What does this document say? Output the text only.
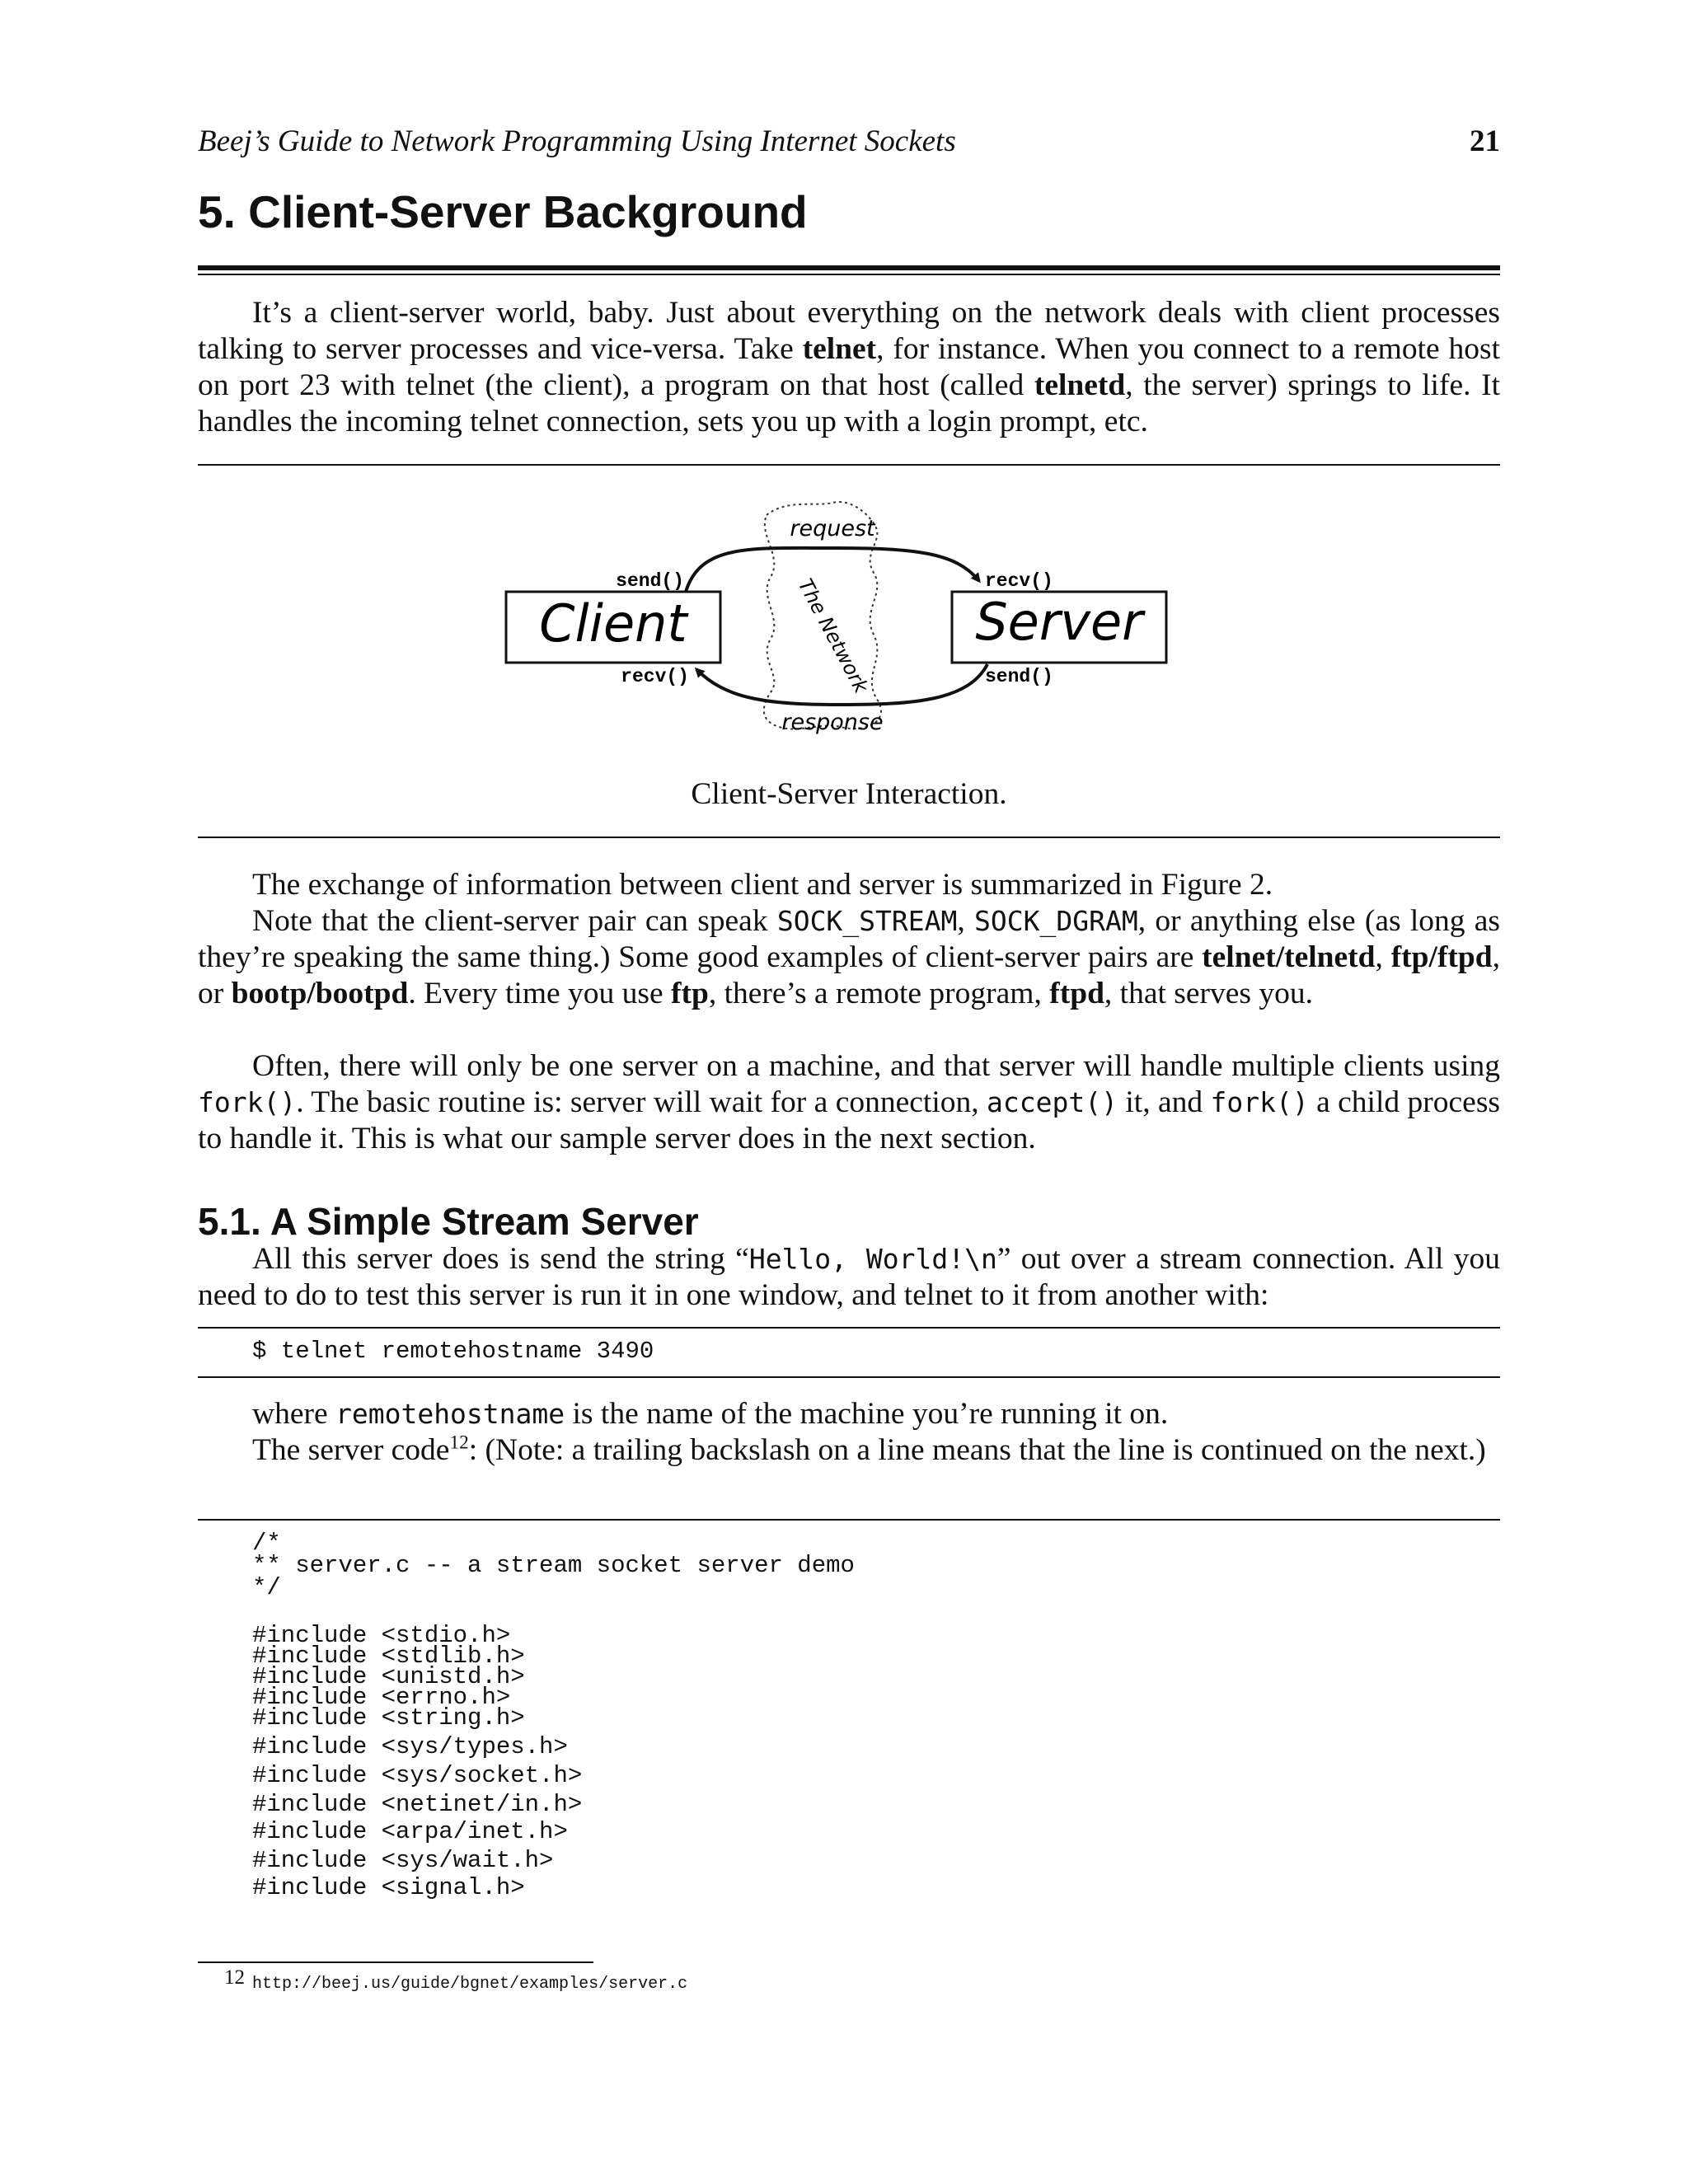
Beej’s Guide to Network Programming Using Internet Sockets	21
5. Client-Server Background

It’s a client-server world, baby. Just about everything on the network deals with client processes talking to server processes and vice-versa. Take telnet, for instance. When you connect to a remote host on port 23 with telnet (the client), a program on that host (called telnetd, the server) springs to life. It handles the incoming telnet connection, sets you up with a login prompt, etc.

Client	Server
send()
recv()
recv()
send()
request
response
The Network
Client-Server Interaction.

The exchange of information between client and server is summarized in Figure 2.

Note that the client-server pair can speak SOCK_STREAM, SOCK_DGRAM, or anything else (as long as they’re speaking the same thing.) Some good examples of client-server pairs are telnet/telnetd, ftp/ftpd, or bootp/bootpd. Every time you use ftp, there’s a remote program, ftpd, that serves you.

Often, there will only be one server on a machine, and that server will handle multiple clients using fork(). The basic routine is: server will wait for a connection, accept() it, and fork() a child process to handle it. This is what our sample server does in the next section.

5.1. A Simple Stream Server

All this server does is send the string “Hello, World!\n” out over a stream connection. All you need to do to test this server is run it in one window, and telnet to it from another with:

$ telnet remotehostname 3490

where remotehostname is the name of the machine you’re running it on.

The server code$^{12}$: (Note: a trailing backslash on a line means that the line is continued on the next.)

/*
** server.c -- a stream socket server demo
*/
#include <stdio.h>
#include <stdlib.h>
#include <unistd.h>
#include <errno.h>
#include <string.h>
#include <sys/types.h>
#include <sys/socket.h>
#include <netinet/in.h>
#include <arpa/inet.h>
#include <sys/wait.h>
#include <signal.h>
12 http://beej.us/guide/bgnet/examples/server.c
